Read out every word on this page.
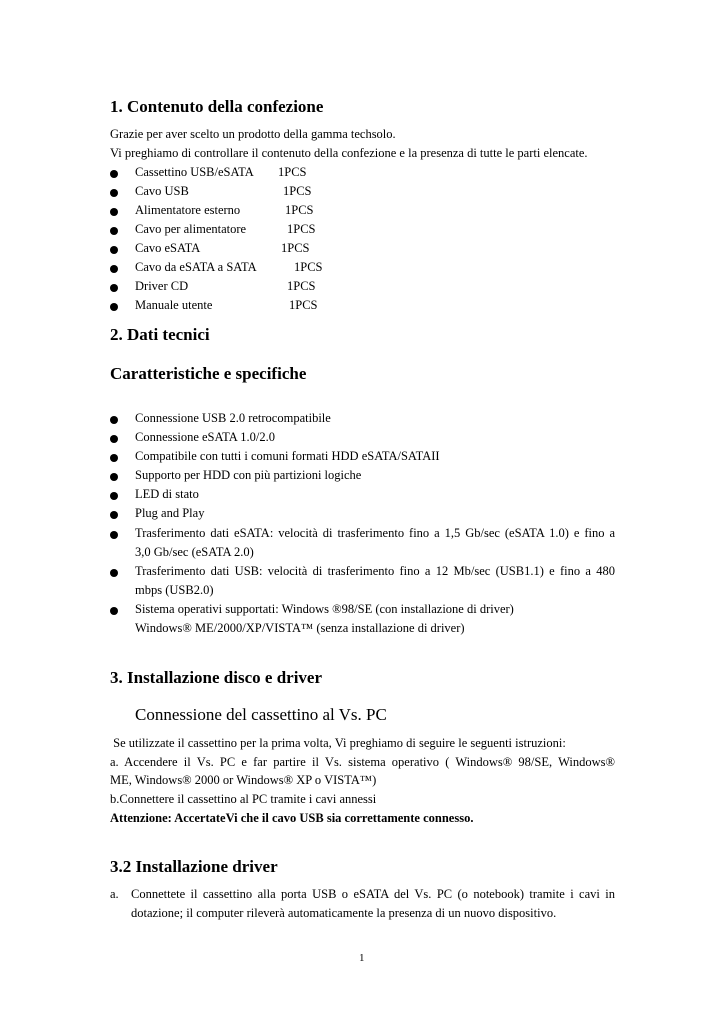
1. Contenuto della confezione
Grazie per aver scelto un prodotto della gamma techsolo.
Vi preghiamo di controllare il contenuto della confezione e la presenza di tutte le parti elencate.
Cassettino USB/eSATA 1PCS
Cavo USB	1PCS
Alimentatore esterno	1PCS
Cavo per alimentatore	1PCS
Cavo eSATA	1PCS
Cavo da eSATA a SATA	1PCS
Driver CD	1PCS
Manuale utente	1PCS
2. Dati tecnici
Caratteristiche e specifiche
Connessione USB 2.0 retrocompatibile
Connessione eSATA 1.0/2.0
Compatibile con tutti i comuni formati HDD eSATA/SATAII
Supporto per HDD con più partizioni logiche
LED di stato
Plug and Play
Trasferimento dati eSATA: velocità di trasferimento fino a 1,5 Gb/sec (eSATA 1.0) e fino a
3,0 Gb/sec (eSATA 2.0)
Trasferimento dati USB: velocità di trasferimento fino a 12 Mb/sec (USB1.1) e fino a 480
mbps (USB2.0)
Sistema operativi supportati: Windows ®98/SE (con installazione di driver)
Windows® ME/2000/XP/VISTA™ (senza installazione di driver)
3. Installazione disco e driver
Connessione del cassettino al Vs. PC
Se utilizzate il cassettino per la prima volta, Vi preghiamo di seguire le seguenti istruzioni:
a. Accendere il Vs. PC e far partire il Vs. sistema operativo ( Windows® 98/SE, Windows®
ME, Windows® 2000 or Windows® XP o VISTA™)
b.Connettere il cassettino al PC tramite i cavi annessi
Attenzione: AccertateVi che il cavo USB sia correttamente connesso.
3.2 Installazione driver
a. Connettete il cassettino alla porta USB o eSATA del Vs. PC (o notebook) tramite i cavi in
dotazione; il computer rileverà automaticamente la presenza di un nuovo dispositivo.
1
